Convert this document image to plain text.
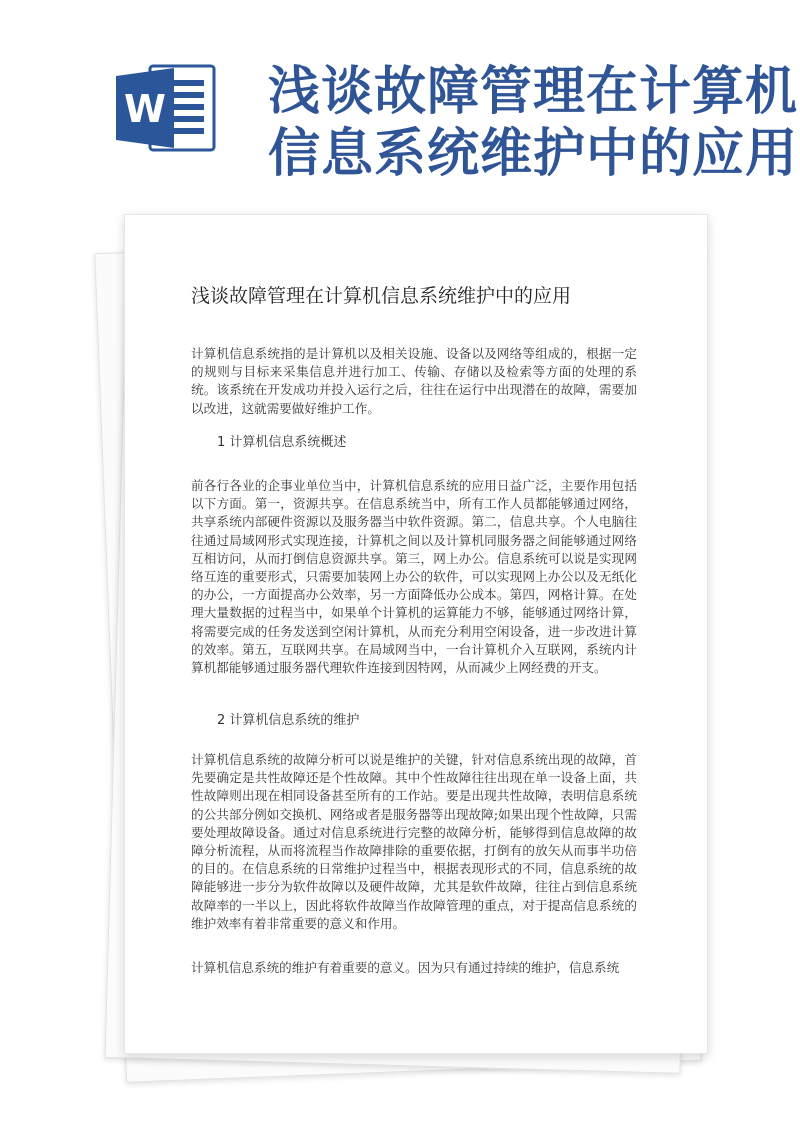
W 浅谈故障管理在计算机
信息系统维护中的应用
浅谈故障管理在计算机信息系统维护中的应用

计算机信息系统指的是计算机以及相关设施、设备以及网络等组成的，根据一定的规则与目标来采集信息并进行加工、传输、存储以及检索等方面的处理的系统。该系统在开发成功并投入运行之后，往往在运行中出现潜在的故障，需要加以改进，这就需要做好维护工作。

1 计算机信息系统概述

前各行各业的企事业单位当中，计算机信息系统的应用日益广泛，主要作用包括以下方面。第一，资源共享。在信息系统当中，所有工作人员都能够通过网络，共享系统内部硬件资源以及服务器当中软件资源。第二，信息共享。个人电脑往往通过局域网形式实现连接，计算机之间以及计算机同服务器之间能够通过网络互相访问，从而打倒信息资源共享。第三，网上办公。信息系统可以说是实现网络互连的重要形式，只需要加装网上办公的软件，可以实现网上办公以及无纸化的办公，一方面提高办公效率，另一方面降低办公成本。第四，网格计算。在处理大量数据的过程当中，如果单个计算机的运算能力不够，能够通过网络计算，将需要完成的任务发送到空闲计算机，从而充分利用空闲设备，进一步改进计算的效率。第五，互联网共享。在局域网当中，一台计算机介入互联网，系统内计算机都能够通过服务器代理软件连接到因特网，从而减少上网经费的开支。

2 计算机信息系统的维护

计算机信息系统的故障分析可以说是维护的关键，针对信息系统出现的故障，首先要确定是共性故障还是个性故障。其中个性故障往往出现在单一设备上面，共性故障则出现在相同设备甚至所有的工作站。要是出现共性故障，表明信息系统的公共部分例如交换机、网络或者是服务器等出现故障;如果出现个性故障，只需要处理故障设备。通过对信息系统进行完整的故障分析，能够得到信息故障的故障分析流程，从而将流程当作故障排除的重要依据，打倒有的放矢从而事半功倍的目的。在信息系统的日常维护过程当中，根据表现形式的不同，信息系统的故障能够进一步分为软件故障以及硬件故障，尤其是软件故障，往往占到信息系统故障率的一半以上，因此将软件故障当作故障管理的重点，对于提高信息系统的维护效率有着非常重要的意义和作用。

计算机信息系统的维护有着重要的意义。因为只有通过持续的维护，信息系统
